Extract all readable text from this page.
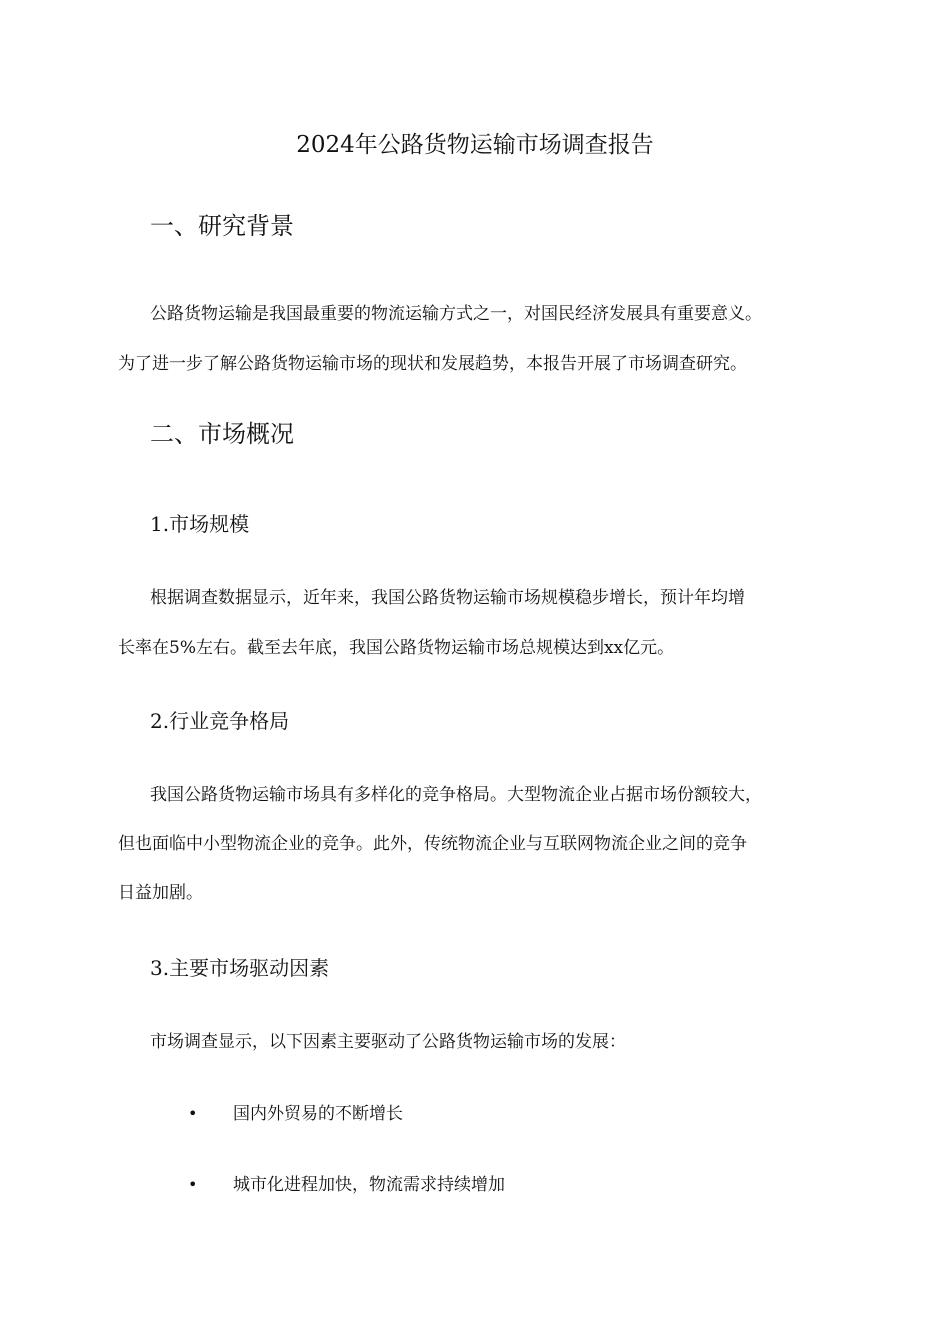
2024年公路货物运输市场调查报告
一、研究背景
公路货物运输是我国最重要的物流运输方式之一，对国民经济发展具有重要意义。
为了进一步了解公路货物运输市场的现状和发展趋势，本报告开展了市场调查研究。
二、市场概况
1.市场规模
根据调查数据显示，近年来，我国公路货物运输市场规模稳步增长，预计年均增
长率在5%左右。截至去年底，我国公路货物运输市场总规模达到xx亿元。
2.行业竞争格局
我国公路货物运输市场具有多样化的竞争格局。大型物流企业占据市场份额较大，
但也面临中小型物流企业的竞争。此外，传统物流企业与互联网物流企业之间的竞争
日益加剧。
3.主要市场驱动因素
市场调查显示，以下因素主要驱动了公路货物运输市场的发展：
• 国内外贸易的不断增长
• 城市化进程加快，物流需求持续增加
